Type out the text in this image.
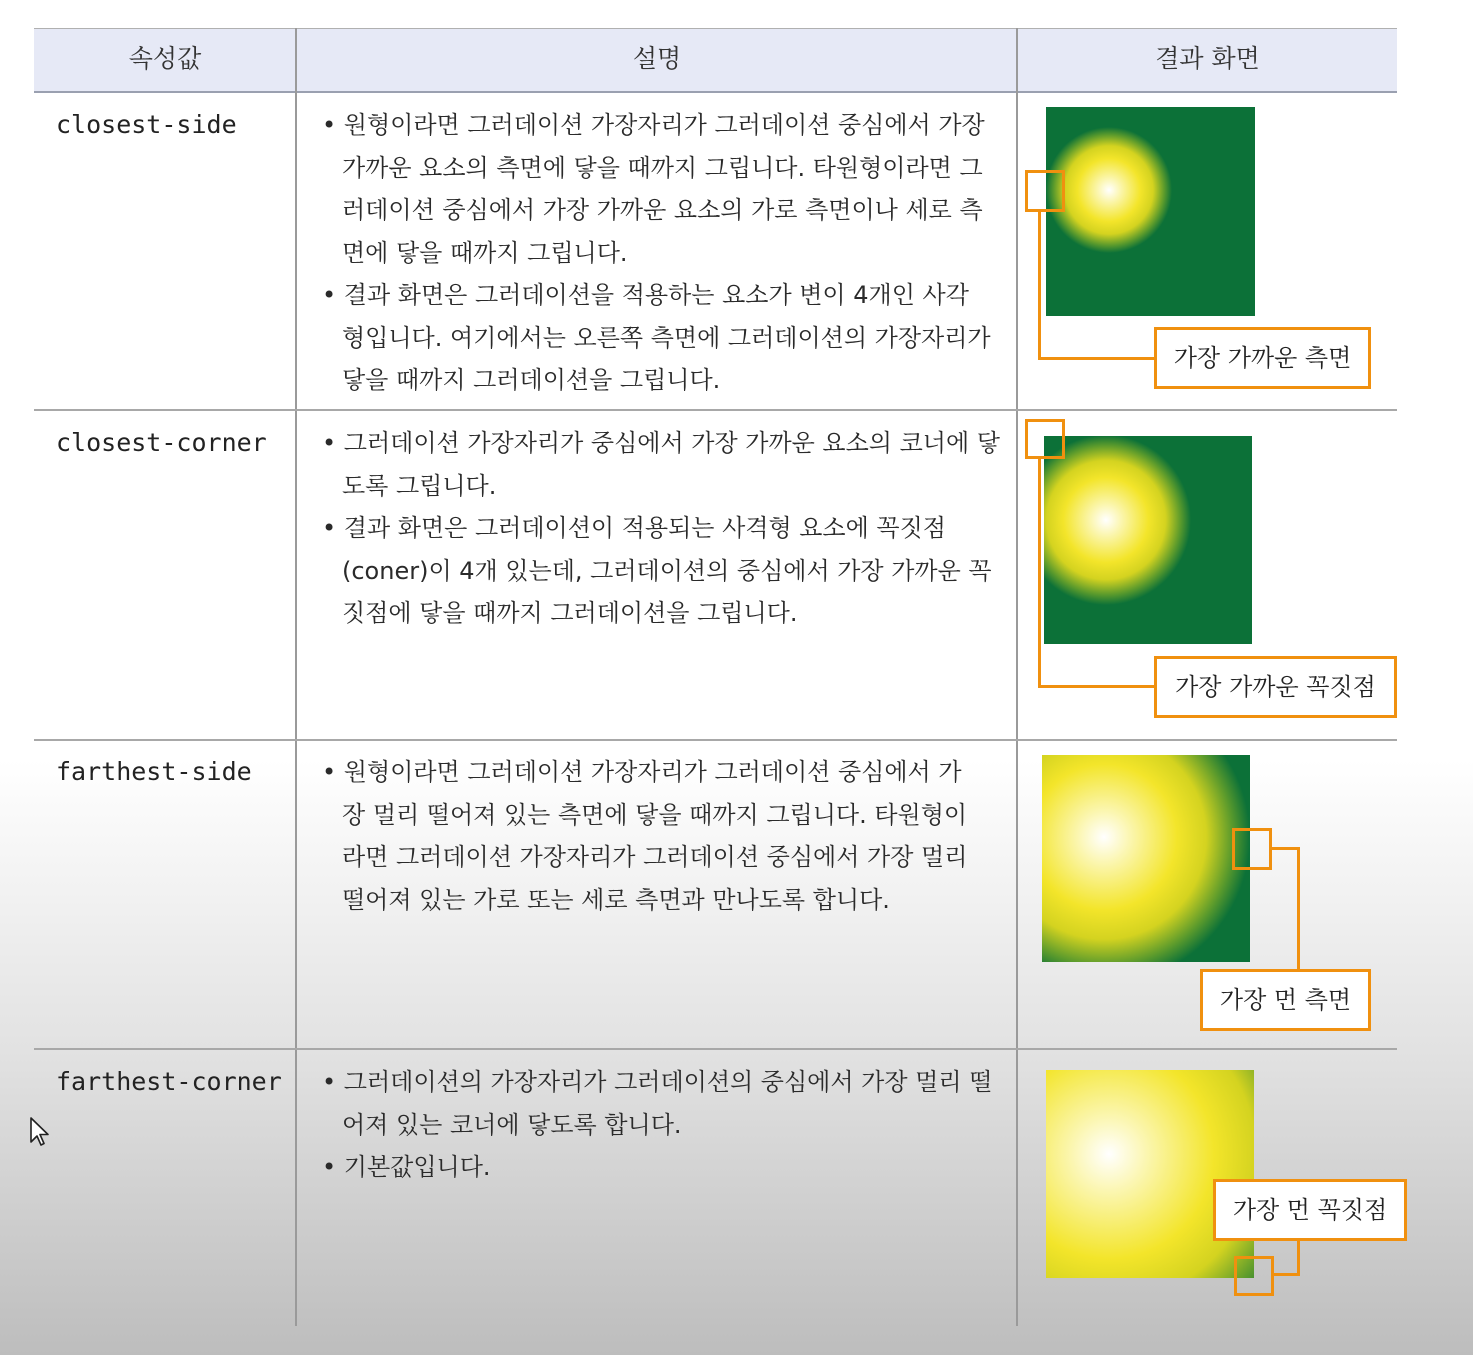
속성값	설명	결과 화면
closest-side	• 원형이라면 그러데이션 가장자리가 그러데이션 중심에서 가장 가까운 요소의 측면에 닿을 때까지 그립니다. 타원형이라면 그러데이션 중심에서 가장 가까운 요소의 가로 측면이나 세로 측면에 닿을 때까지 그립니다.

• 결과 화면은 그러데이션을 적용하는 요소가 변이 4개인 사각형입니다. 여기에서는 오른쪽 측면에 그러데이션의 가장자리가 닿을 때까지 그러데이션을 그립니다.

가장 가까운 측면
closest-corner	• 그러데이션 가장자리가 중심에서 가장 가까운 요소의 코너에 닿도록 그립니다.

• 결과 화면은 그러데이션이 적용되는 사격형 요소에 꼭짓점(coner)이 4개 있는데, 그러데이션의 중심에서 가장 가까운 꼭짓점에 닿을 때까지 그러데이션을 그립니다.

가장 가까운 꼭짓점
farthest-side	• 원형이라면 그러데이션 가장자리가 그러데이션 중심에서 가장 멀리 떨어져 있는 측면에 닿을 때까지 그립니다. 타원형이라면 그러데이션 가장자리가 그러데이션 중심에서 가장 멀리 떨어져 있는 가로 또는 세로 측면과 만나도록 합니다.

가장 먼 측면
farthest-corner	• 그러데이션의 가장자리가 그러데이션의 중심에서 가장 멀리 떨어져 있는 코너에 닿도록 합니다.

• 기본값입니다.

가장 먼 꼭짓점
